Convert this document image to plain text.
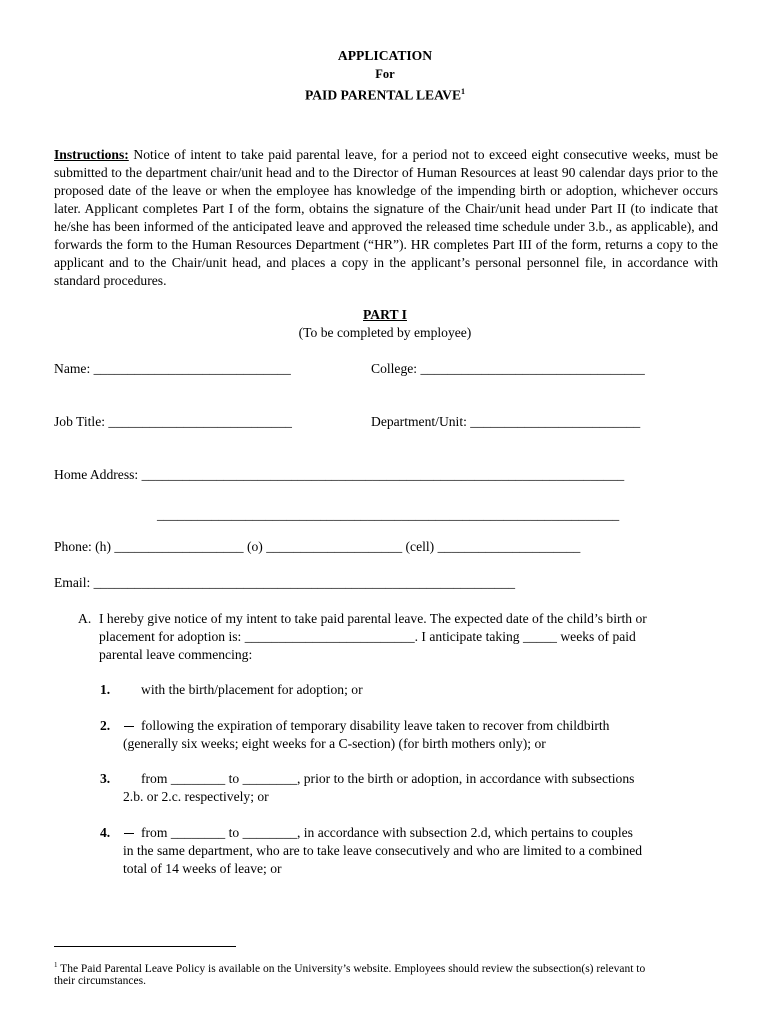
APPLICATION
For
PAID PARENTAL LEAVE$^1$
Instructions: Notice of intent to take paid parental leave, for a period not to exceed eight consecutive weeks, must be submitted to the department chair/unit head and to the Director of Human Resources at least 90 calendar days prior to the proposed date of the leave or when the employee has knowledge of the impending birth or adoption, whichever occurs later. Applicant completes Part I of the form, obtains the signature of the Chair/unit head under Part II (to indicate that he/she has been informed of the anticipated leave and approved the released time schedule under 3.b., as applicable), and forwards the form to the Human Resources Department (“HR”). HR completes Part III of the form, returns a copy to the applicant and to the Chair/unit head, and places a copy in the applicant’s personal personnel file, in accordance with standard procedures.
PART I
(To be completed by employee)
Name: _____________________________	College: _________________________________
Job Title: ___________________________	Department/Unit: _________________________
Home Address: _______________________________________________________________________
____________________________________________________________________
Phone: (h) ___________________ (o) ____________________ (cell) _____________________
Email: ______________________________________________________________
A. I hereby give notice of my intent to take paid parental leave. The expected date of the child’s birth or
placement for adoption is: _________________________. I anticipate taking _____ weeks of paid
parental leave commencing:
1. with the birth/placement for adoption; or
2. following the expiration of temporary disability leave taken to recover from childbirth
(generally six weeks; eight weeks for a C-section) (for birth mothers only); or
3. from ________ to ________, prior to the birth or adoption, in accordance with subsections
2.b. or 2.c. respectively; or
4. from ________ to ________, in accordance with subsection 2.d, which pertains to couples
in the same department, who are to take leave consecutively and who are limited to a combined
total of 14 weeks of leave; or
$^1$ The Paid Parental Leave Policy is available on the University’s website. Employees should review the subsection(s) relevant to
their circumstances.
